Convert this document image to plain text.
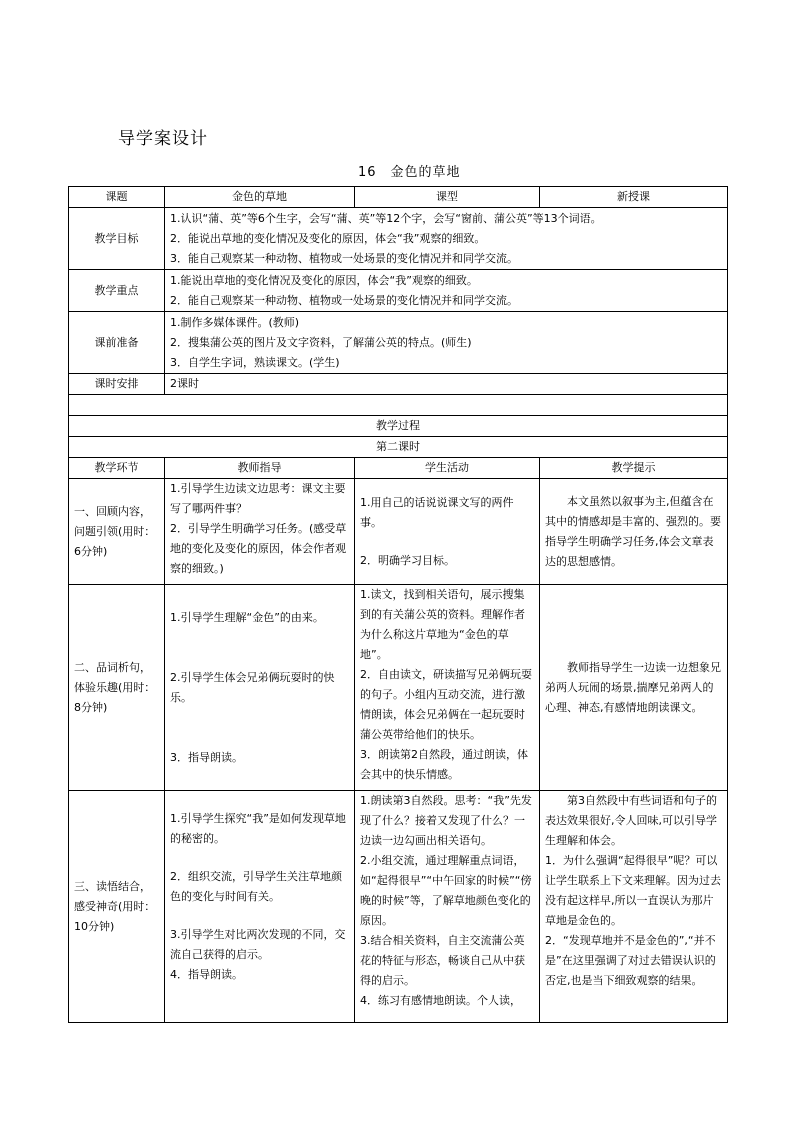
导学案设计
16　金色的草地
课题	金色的草地	课型	新授课
教学目标	1.认识“蒲、英”等6个生字，会写“蒲、英”等12个字，会写“窗前、蒲公英”等13个词语。
2．能说出草地的变化情况及变化的原因，体会“我”观察的细致。
3．能自己观察某一种动物、植物或一处场景的变化情况并和同学交流。		

教学重点	1.能说出草地的变化情况及变化的原因，体会“我”观察的细致。
2．能自己观察某一种动物、植物或一处场景的变化情况并和同学交流。		

课前准备	1.制作多媒体课件。(教师)
2．搜集蒲公英的图片及文字资料，了解蒲公英的特点。(师生)
3．自学生字词，熟读课文。(学生)		

课时安排	2课时		

教学过程			
第二课时			
教学环节	教师指导	学生活动	教学提示
一、回顾内容，问题引领(用时：6分钟)	1.引导学生边读文边思考：课文主要写了哪两件事？
2．引导学生明确学习任务。(感受草地的变化及变化的原因，体会作者观察的细致。)	1.用自己的话说说课文写的两件事。
2．明确学习目标。	本文虽然以叙事为主,但蕴含在其中的情感却是丰富的、强烈的。要指导学生明确学习任务,体会文章表达的思想感情。

二、品词析句，体验乐趣(用时：8分钟)	1.引导学生理解“金色”的由来。
2.引导学生体会兄弟俩玩耍时的快乐。
3．指导朗读。	1.读文，找到相关语句，展示搜集到的有关蒲公英的资料。理解作者为什么称这片草地为“金色的草地”。
2．自由读文，研读描写兄弟俩玩耍的句子。小组内互动交流，进行激情朗读，体会兄弟俩在一起玩耍时蒲公英带给他们的快乐。
3．朗读第2自然段，通过朗读，体会其中的快乐情感。	教师指导学生一边读一边想象兄弟两人玩闹的场景,揣摩兄弟两人的心理、神态,有感情地朗读课文。

三、读悟结合，感受神奇(用时：10分钟)	1.引导学生探究“我”是如何发现草地的秘密的。
2．组织交流，引导学生关注草地颜色的变化与时间有关。
3.引导学生对比两次发现的不同，交流自己获得的启示。
4．指导朗读。	1.朗读第3自然段。思考：“我”先发现了什么？接着又发现了什么？一边读一边勾画出相关语句。
2.小组交流，通过理解重点词语，如“起得很早”“中午回家的时候”“傍晚的时候”等，了解草地颜色变化的原因。
3.结合相关资料，自主交流蒲公英花的特征与形态，畅谈自己从中获得的启示。
4．练习有感情地朗读。个人读，	第3自然段中有些词语和句子的表达效果很好,令人回味,可以引导学生理解和体会。
1．为什么强调“起得很早”呢？可以让学生联系上下文来理解。因为过去没有起这样早,所以一直误认为那片草地是金色的。
2．“发现草地并不是金色的”,“并不是”在这里强调了对过去错误认识的否定,也是当下细致观察的结果。
